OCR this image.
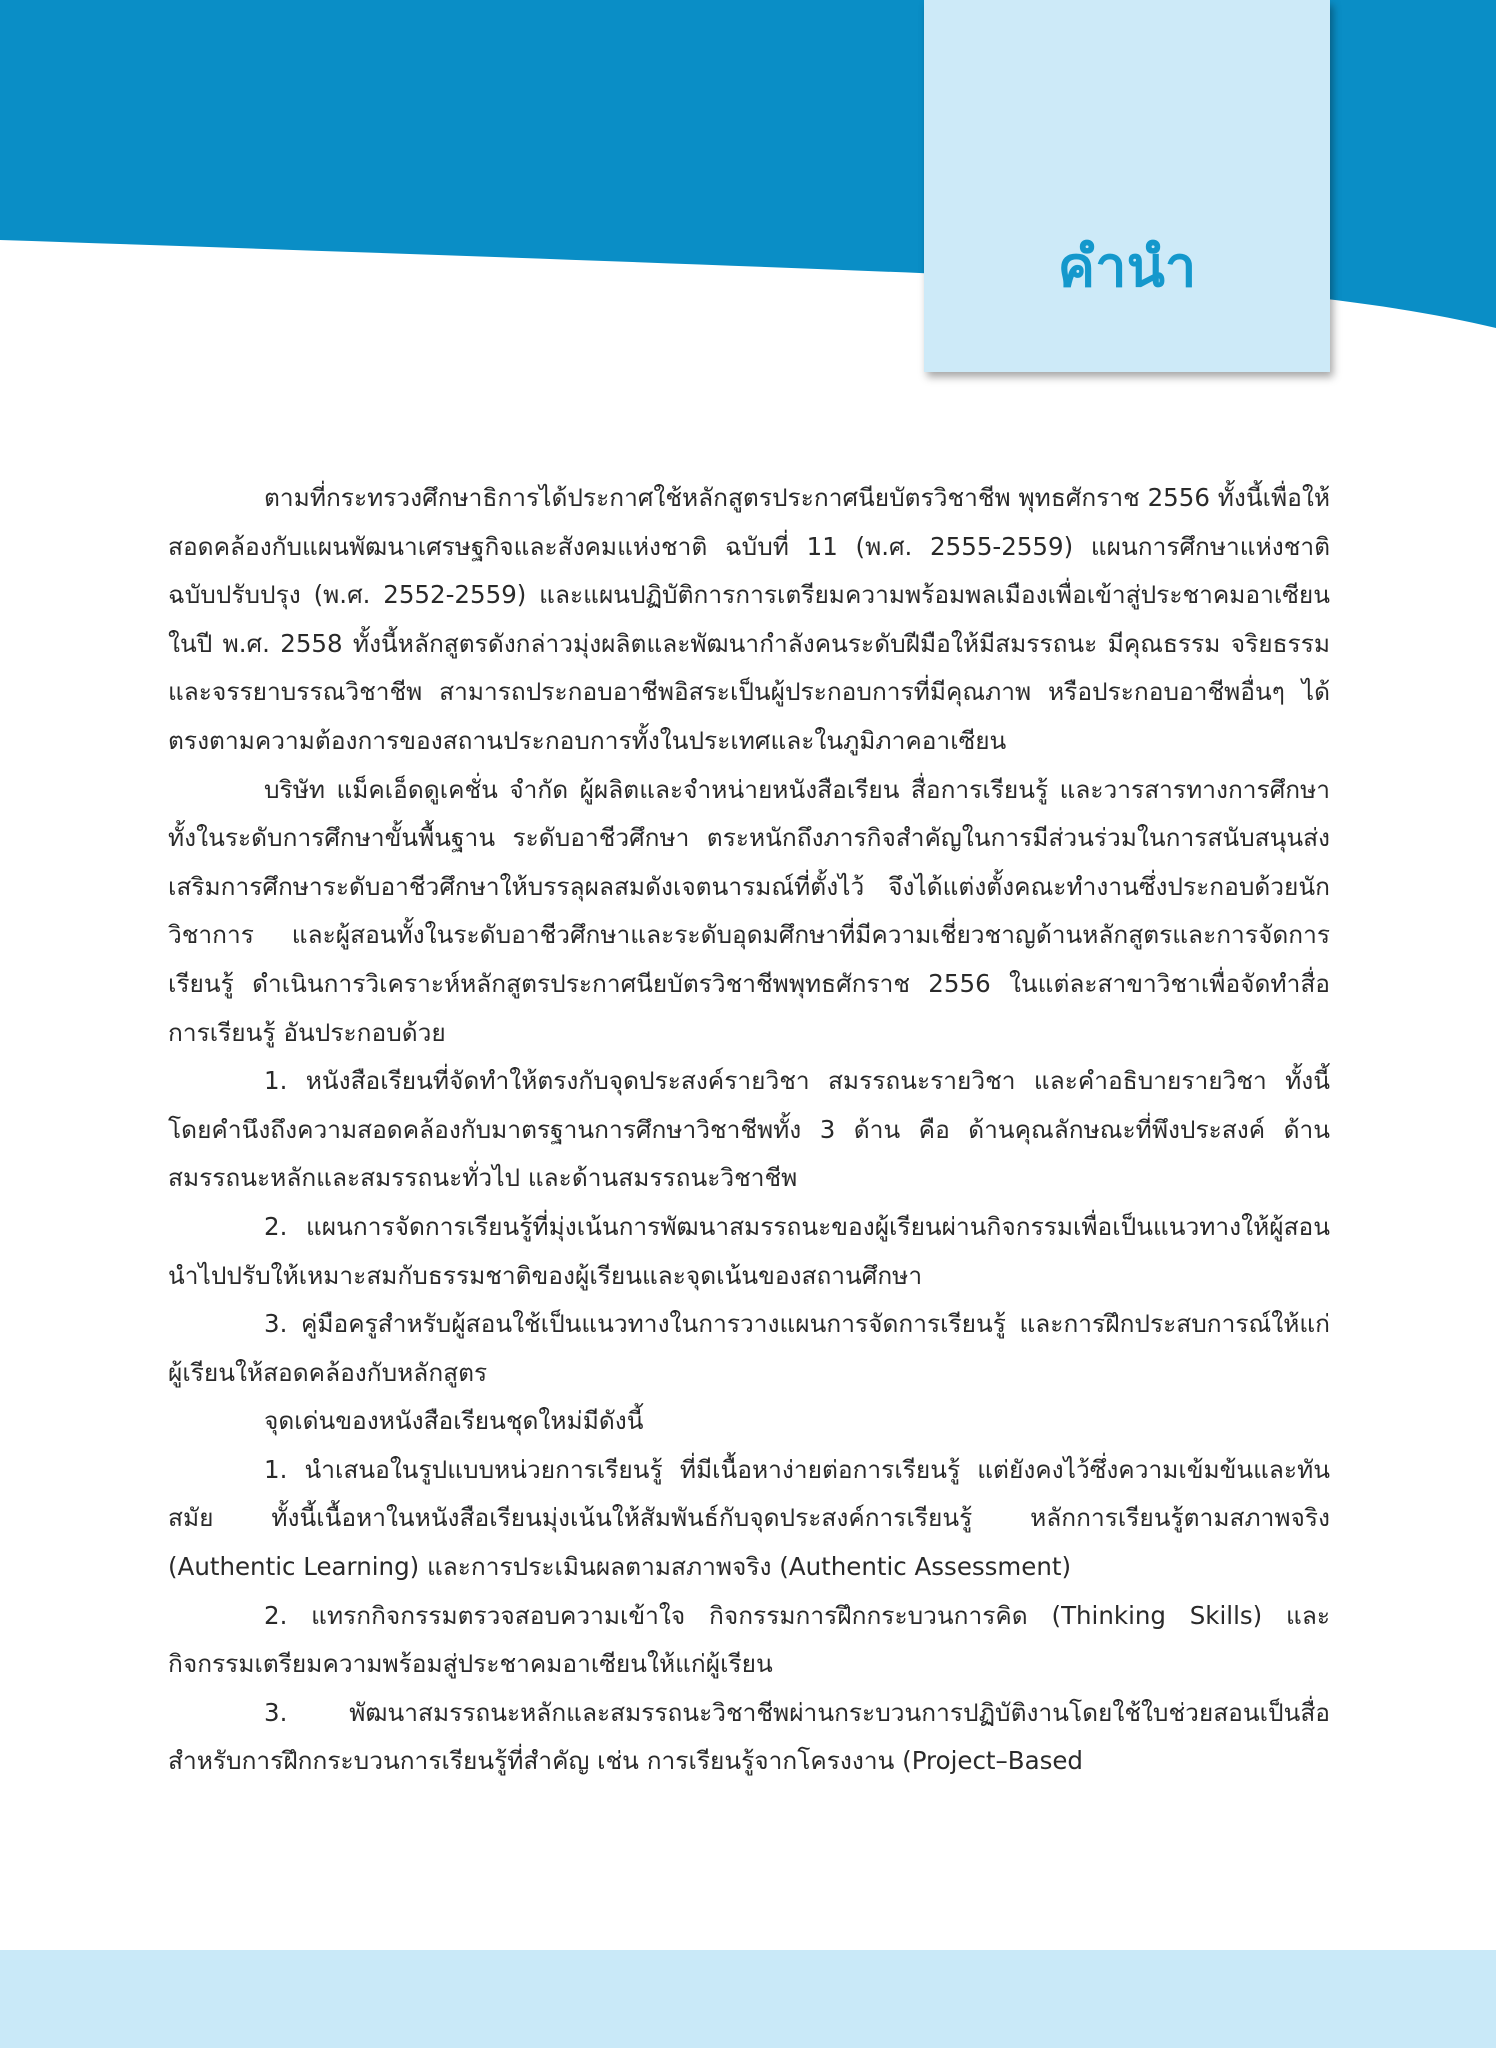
คำนำ

ตามที่กระทรวงศึกษาธิการได้ประกาศใช้หลักสูตรประกาศนียบัตรวิชาชีพ พุทธศักราช 2556 ทั้งนี้เพื่อให้สอดคล้องกับแผนพัฒนาเศรษฐกิจและสังคมแห่งชาติ ฉบับที่ 11 (พ.ศ. 2555-2559) แผนการศึกษาแห่งชาติ ฉบับปรับปรุง (พ.ศ. 2552-2559) และแผนปฏิบัติการการเตรียมความพร้อมพลเมืองเพื่อเข้าสู่ประชาคมอาเซียนในปี พ.ศ. 2558 ทั้งนี้หลักสูตรดังกล่าวมุ่งผลิตและพัฒนากำลังคนระดับฝีมือให้มีสมรรถนะ มีคุณธรรม จริยธรรม และจรรยาบรรณวิชาชีพ สามารถประกอบอาชีพอิสระเป็นผู้ประกอบการที่มีคุณภาพ หรือประกอบอาชีพอื่นๆ ได้ตรงตามความต้องการของสถานประกอบการทั้งในประเทศและในภูมิภาคอาเซียน

บริษัท แม็คเอ็ดดูเคชั่น จำกัด ผู้ผลิตและจำหน่ายหนังสือเรียน สื่อการเรียนรู้ และวารสารทางการศึกษา ทั้งในระดับการศึกษาขั้นพื้นฐาน ระดับอาชีวศึกษา ตระหนักถึงภารกิจสำคัญในการมีส่วนร่วมในการสนับสนุนส่งเสริมการศึกษาระดับอาชีวศึกษาให้บรรลุผลสมดังเจตนารมณ์ที่ตั้งไว้ จึงได้แต่งตั้งคณะทำงานซึ่งประกอบด้วยนักวิชาการ และผู้สอนทั้งในระดับอาชีวศึกษาและระดับอุดมศึกษาที่มีความเชี่ยวชาญด้านหลักสูตรและการจัดการเรียนรู้ ดำเนินการวิเคราะห์หลักสูตรประกาศนียบัตรวิชาชีพพุทธศักราช 2556 ในแต่ละสาขาวิชาเพื่อจัดทำสื่อการเรียนรู้ อันประกอบด้วย

1. หนังสือเรียนที่จัดทำให้ตรงกับจุดประสงค์รายวิชา สมรรถนะรายวิชา และคำอธิบายรายวิชา ทั้งนี้ โดยคำนึงถึงความสอดคล้องกับมาตรฐานการศึกษาวิชาชีพทั้ง 3 ด้าน คือ ด้านคุณลักษณะที่พึงประสงค์ ด้านสมรรถนะหลักและสมรรถนะทั่วไป และด้านสมรรถนะวิชาชีพ

2. แผนการจัดการเรียนรู้ที่มุ่งเน้นการพัฒนาสมรรถนะของผู้เรียนผ่านกิจกรรมเพื่อเป็นแนวทางให้ผู้สอนนำไปปรับให้เหมาะสมกับธรรมชาติของผู้เรียนและจุดเน้นของสถานศึกษา

3. คู่มือครูสำหรับผู้สอนใช้เป็นแนวทางในการวางแผนการจัดการเรียนรู้ และการฝึกประสบการณ์ให้แก่ผู้เรียนให้สอดคล้องกับหลักสูตร

จุดเด่นของหนังสือเรียนชุดใหม่มีดังนี้

1. นำเสนอในรูปแบบหน่วยการเรียนรู้ ที่มีเนื้อหาง่ายต่อการเรียนรู้ แต่ยังคงไว้ซึ่งความเข้มข้นและทันสมัย ทั้งนี้เนื้อหาในหนังสือเรียนมุ่งเน้นให้สัมพันธ์กับจุดประสงค์การเรียนรู้ หลักการเรียนรู้ตามสภาพจริง (Authentic Learning) และการประเมินผลตามสภาพจริง (Authentic Assessment)

2. แทรกกิจกรรมตรวจสอบความเข้าใจ กิจกรรมการฝึกกระบวนการคิด (Thinking Skills) และกิจกรรมเตรียมความพร้อมสู่ประชาคมอาเซียนให้แก่ผู้เรียน

3. พัฒนาสมรรถนะหลักและสมรรถนะวิชาชีพผ่านกระบวนการปฏิบัติงานโดยใช้ใบช่วยสอนเป็นสื่อสำหรับการฝึกกระบวนการเรียนรู้ที่สำคัญ เช่น การเรียนรู้จากโครงงาน (Project–Based
